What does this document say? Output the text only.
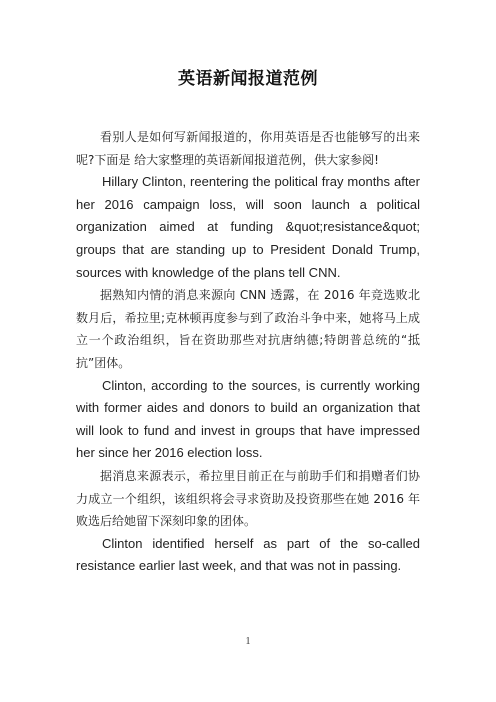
英语新闻报道范例

看别人是如何写新闻报道的，你用英语是否也能够写的出来呢?下面是 给大家整理的英语新闻报道范例，供大家参阅!

Hillary Clinton, reentering the political fray months after her 2016 campaign loss, will soon launch a political organization aimed at funding &quot;resistance&quot; groups that are standing up to President Donald Trump, sources with knowledge of the plans tell CNN.

据熟知内情的消息来源向 CNN 透露，在 2016 年竞选败北数月后，希拉里;克林顿再度参与到了政治斗争中来，她将马上成立一个政治组织，旨在资助那些对抗唐纳德;特朗普总统的“抵抗”团体。

Clinton, according to the sources, is currently working with former aides and donors to build an organization that will look to fund and invest in groups that have impressed her since her 2016 election loss.

据消息来源表示，希拉里目前正在与前助手们和捐赠者们协力成立一个组织，该组织将会寻求资助及投资那些在她 2016 年败选后给她留下深刻印象的团体。

Clinton identified herself as part of the so-called resistance earlier last week, and that was not in passing.

1
